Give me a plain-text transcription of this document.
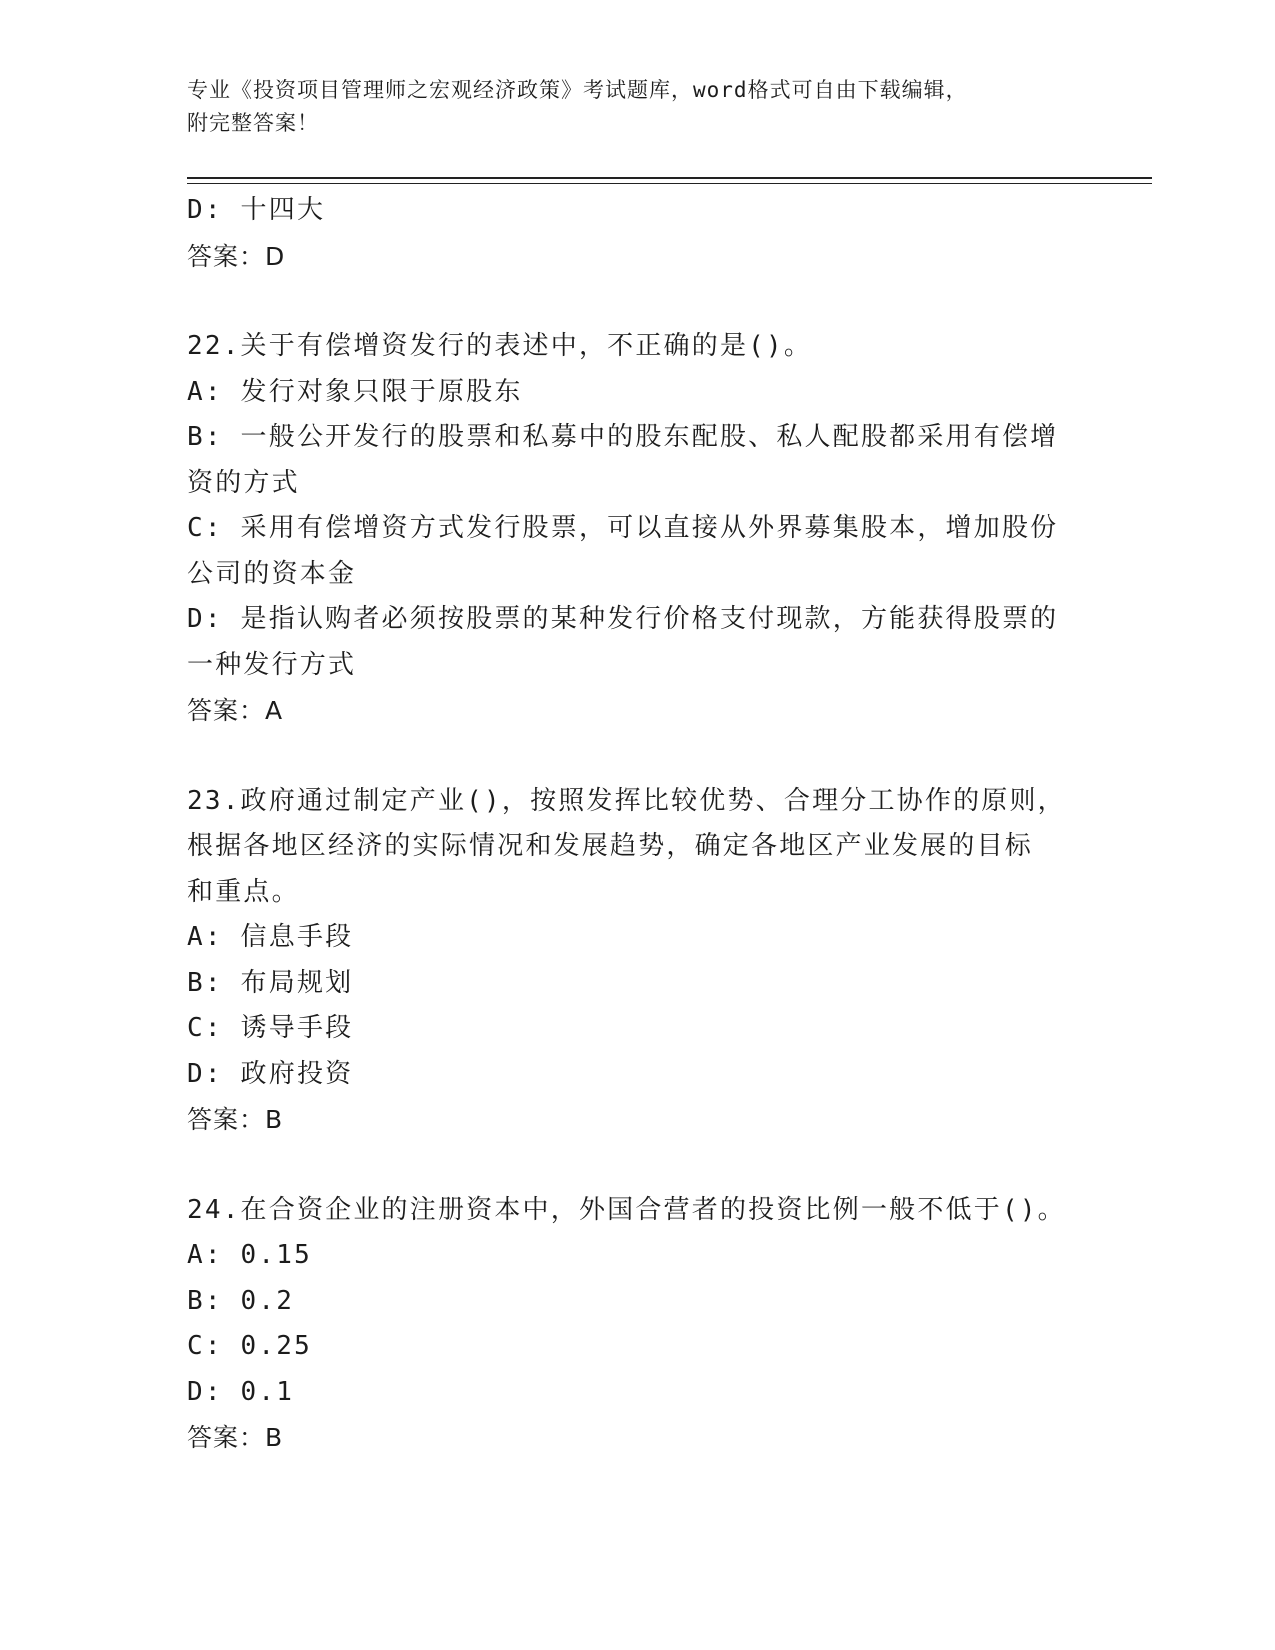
专业《投资项目管理师之宏观经济政策》考试题库，word格式可自由下载编辑，
附完整答案！

D: 十四大

答案：D

22.关于有偿增资发行的表述中，不正确的是()。

A: 发行对象只限于原股东

B: 一般公开发行的股票和私募中的股东配股、私人配股都采用有偿增

资的方式

C: 采用有偿增资方式发行股票，可以直接从外界募集股本，增加股份

公司的资本金

D: 是指认购者必须按股票的某种发行价格支付现款，方能获得股票的

一种发行方式

答案：A

23.政府通过制定产业()，按照发挥比较优势、合理分工协作的原则，

根据各地区经济的实际情况和发展趋势，确定各地区产业发展的目标

和重点。

A: 信息手段

B: 布局规划

C: 诱导手段

D: 政府投资

答案：B

24.在合资企业的注册资本中，外国合营者的投资比例一般不低于()。

A: 0.15

B: 0.2

C: 0.25

D: 0.1

答案：B
